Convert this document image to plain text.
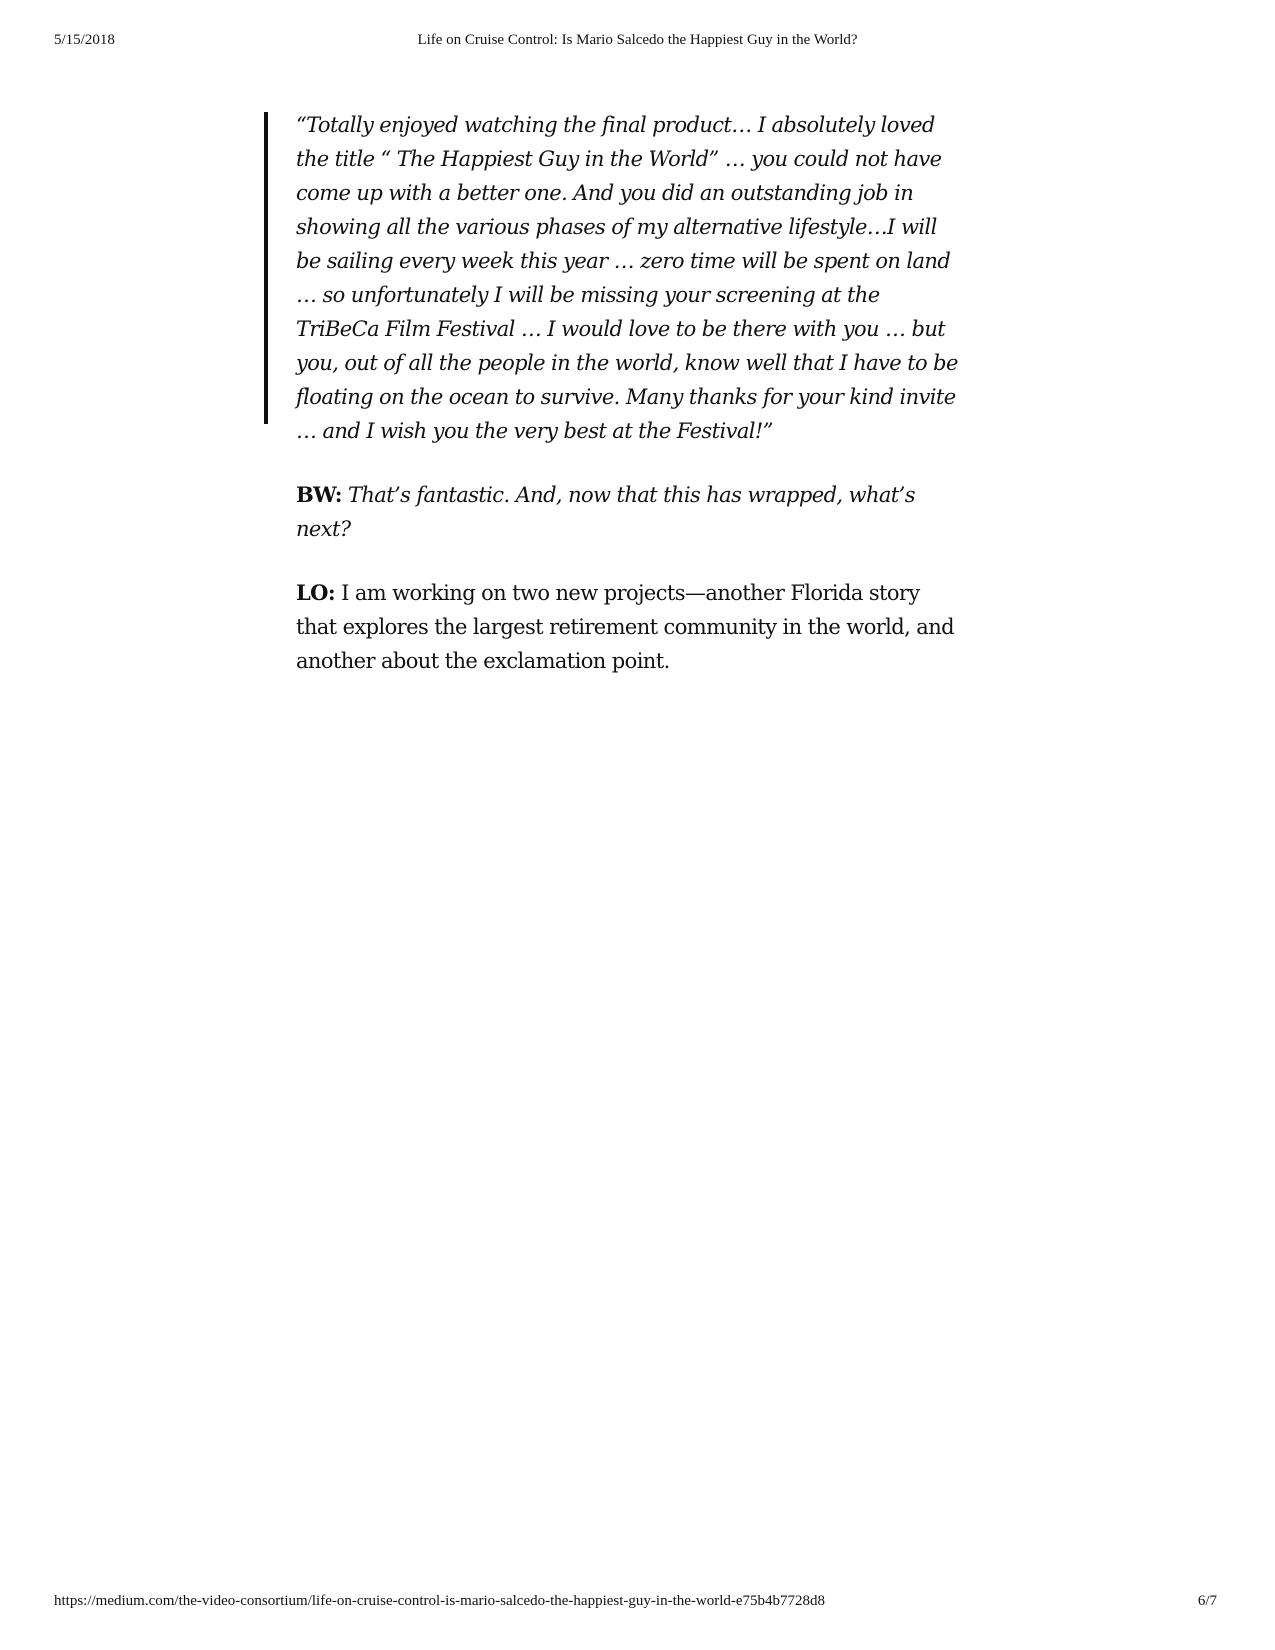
5/15/2018	Life on Cruise Control: Is Mario Salcedo the Happiest Guy in the World?

“Totally enjoyed watching the final product… I absolutely loved the title “ The Happiest Guy in the World” … you could not have come up with a better one. And you did an outstanding job in showing all the various phases of my alternative lifestyle…I will be sailing every week this year … zero time will be spent on land … so unfortunately I will be missing your screening at the TriBeCa Film Festival … I would love to be there with you … but you, out of all the people in the world, know well that I have to be floating on the ocean to survive. Many thanks for your kind invite … and I wish you the very best at the Festival!”

BW: That’s fantastic. And, now that this has wrapped, what’s next?

LO: I am working on two new projects—another Florida story that explores the largest retirement community in the world, and another about the exclamation point.

https://medium.com/the-video-consortium/life-on-cruise-control-is-mario-salcedo-the-happiest-guy-in-the-world-e75b4b7728d8	6/7
